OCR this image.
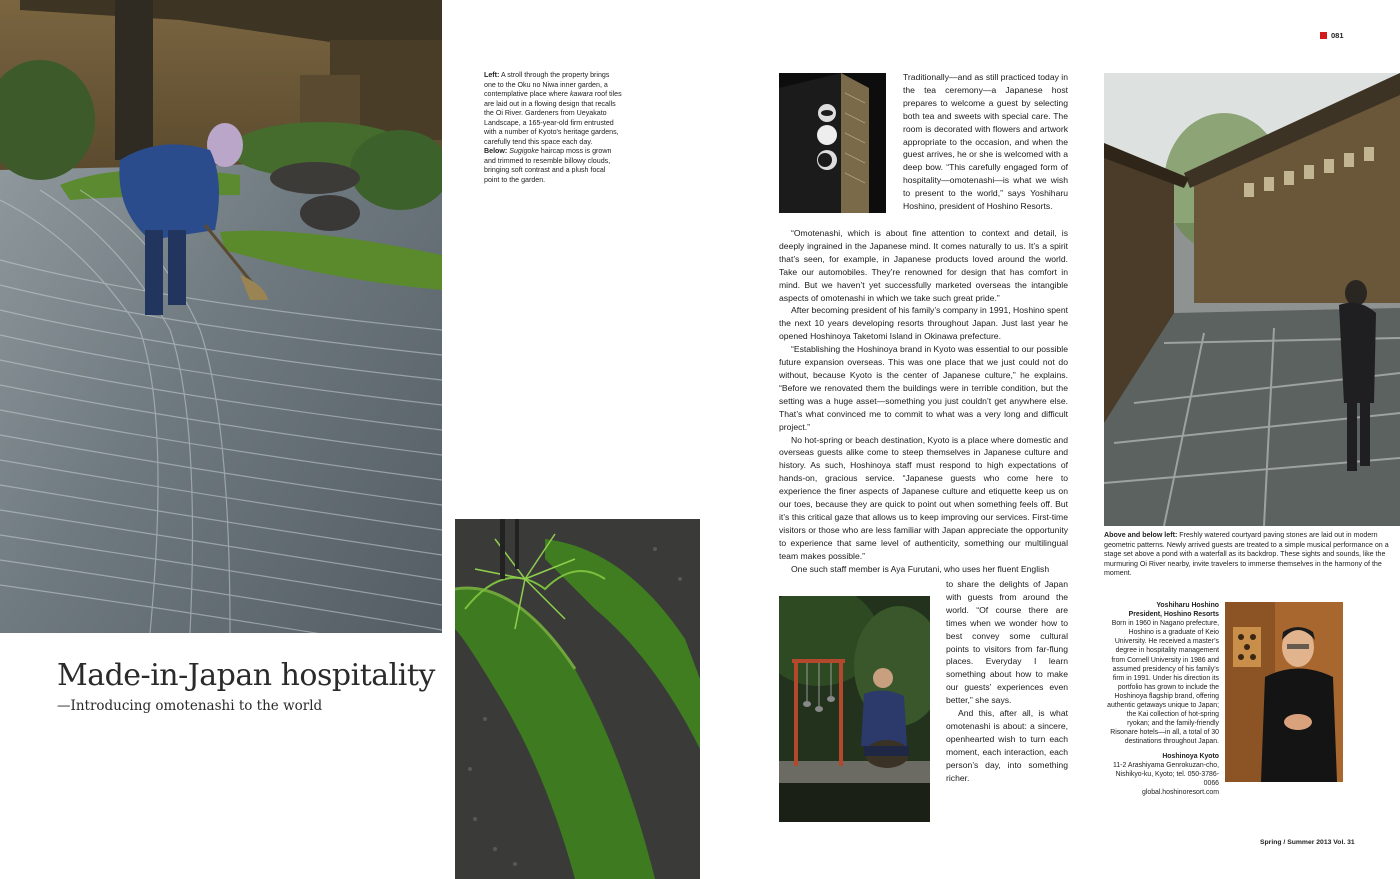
Left: A stroll through the property brings one to the Oku no Niwa inner garden, a contemplative place where kawara roof tiles are laid out in a flowing design that recalls the Oi River. Gardeners from Ueyakato Landscape, a 165-year-old firm entrusted with a number of Kyoto's heritage gardens, carefully tend this space each day.
Below: Sugigoke haircap moss is grown and trimmed to resemble billowy clouds, bringing soft contrast and a plush focal point to the garden.
Made-in-Japan hospitality
—Introducing omotenashi to the world
081

Traditionally—and as still practiced today in the tea ceremony—a Japanese host prepares to welcome a guest by selecting both tea and sweets with special care. The room is decorated with flowers and artwork appropriate to the occasion, and when the guest arrives, he or she is welcomed with a deep bow. “This carefully engaged form of hospitality—omotenashi—is what we wish to present to the world,” says Yoshiharu Hoshino, president of Hoshino Resorts.

“Omotenashi, which is about fine attention to context and detail, is deeply ingrained in the Japanese mind. It comes naturally to us. It’s a spirit that’s seen, for example, in Japanese products loved around the world. Take our automobiles. They’re renowned for design that has comfort in mind. But we haven’t yet successfully marketed overseas the intangible aspects of omotenashi in which we take such great pride.”

After becoming president of his family’s company in 1991, Hoshino spent the next 10 years developing resorts throughout Japan. Just last year he opened Hoshinoya Taketomi Island in Okinawa prefecture.

“Establishing the Hoshinoya brand in Kyoto was essential to our possible future expansion overseas. This was one place that we just could not do without, because Kyoto is the center of Japanese culture,” he explains. “Before we renovated them the buildings were in terrible condition, but the setting was a huge asset—something you just couldn’t get anywhere else. That’s what convinced me to commit to what was a very long and difficult project.”

No hot-spring or beach destination, Kyoto is a place where domestic and overseas guests alike come to steep themselves in Japanese culture and history. As such, Hoshinoya staff must respond to high expectations of hands-on, gracious service. “Japanese guests who come here to experience the finer aspects of Japanese culture and etiquette keep us on our toes, because they are quick to point out when something feels off. But it’s this critical gaze that allows us to keep improving our services. First-time visitors or those who are less familiar with Japan appreciate the opportunity to experience that same level of authenticity, something our multilingual team makes possible.”

One such staff member is Aya Furutani, who uses her fluent English

to share the delights of Japan with guests from around the world. “Of course there are times when we wonder how to best convey some cultural points to visitors from far-flung places. Everyday I learn something about how to make our guests’ experiences even better,” she says.

And this, after all, is what omotenashi is about: a sincere, openhearted wish to turn each moment, each interaction, each person’s day, into something richer.

Above and below left: Freshly watered courtyard paving stones are laid out in modern geometric patterns. Newly arrived guests are treated to a simple musical performance on a stage set above a pond with a waterfall as its backdrop. These sights and sounds, like the murmuring Oi River nearby, invite travelers to immerse themselves in the harmony of the moment.
Yoshiharu Hoshino
President, Hoshino Resorts
Born in 1960 in Nagano prefecture, Hoshino is a graduate of Keio University. He received a master’s degree in hospitality management from Cornell University in 1986 and assumed presidency of his family’s firm in 1991. Under his direction its portfolio has grown to include the Hoshinoya flagship brand, offering authentic getaways unique to Japan; the Kai collection of hot-spring ryokan; and the family-friendly Risonare hotels—in all, a total of 30 destinations throughout Japan.
Hoshinoya Kyoto
11-2 Arashiyama Genrokuzan-cho,
Nishikyo-ku, Kyoto; tel. 050-3786-0066
global.hoshinoresort.com
Spring / Summer 2013 Vol. 31
